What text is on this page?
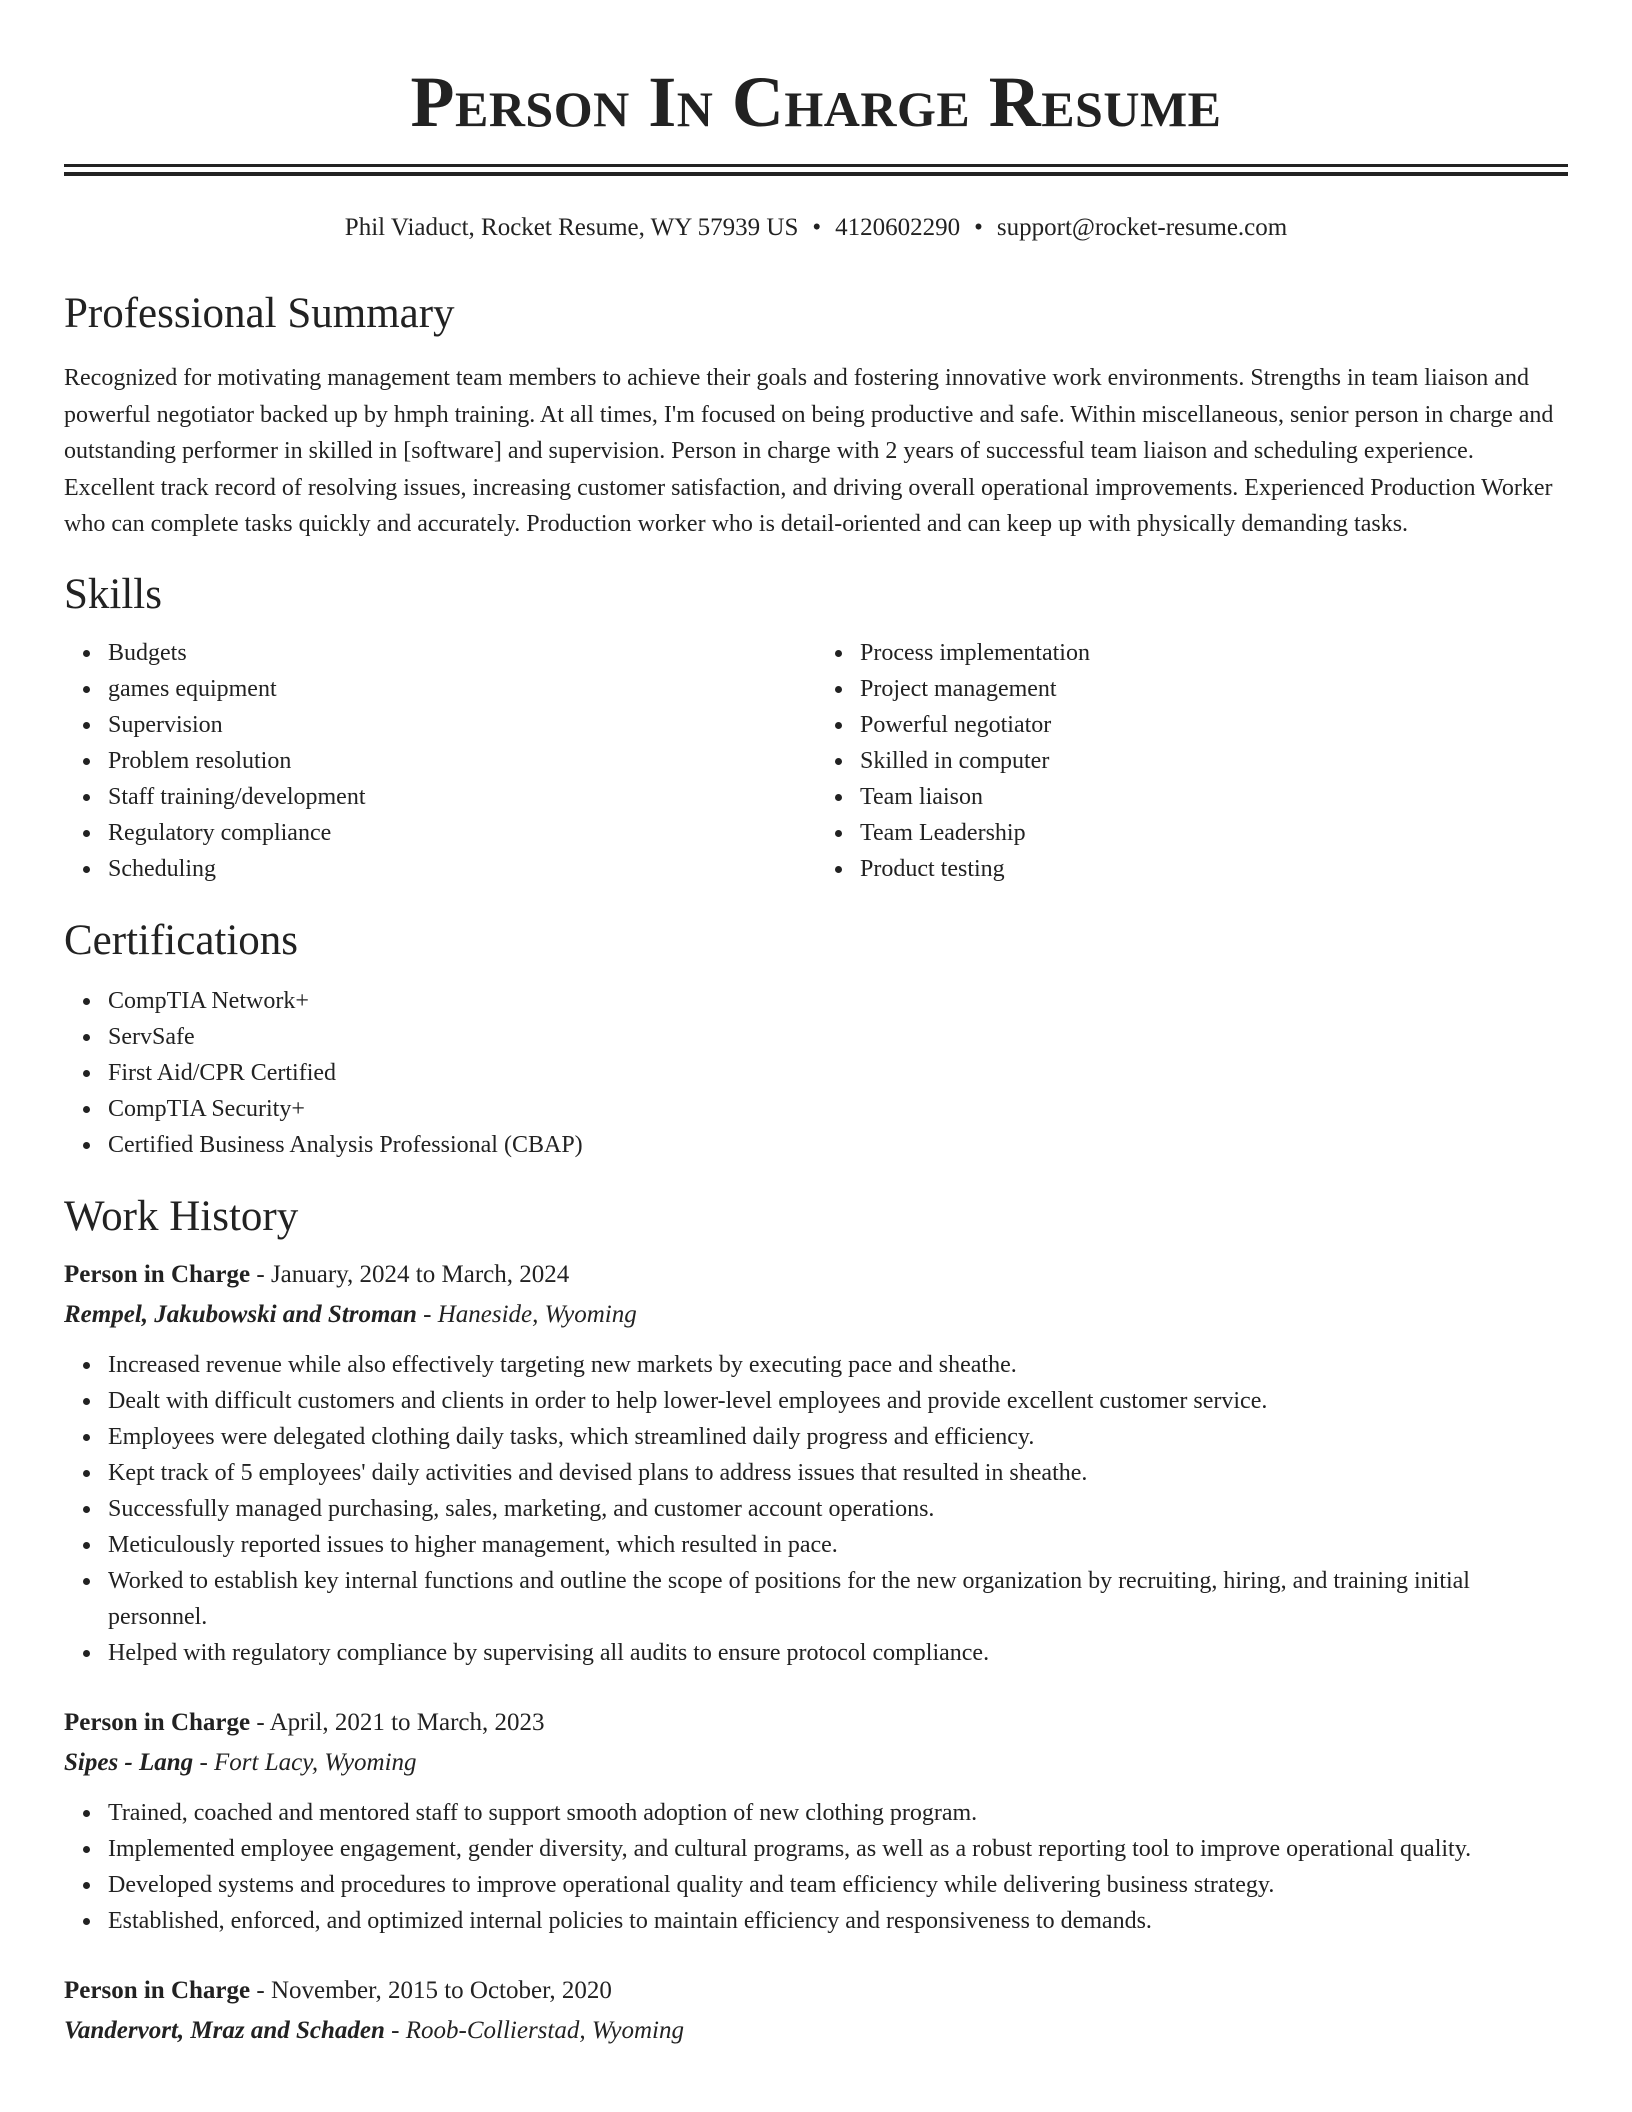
Person In Charge Resume
Phil Viaduct, Rocket Resume, WY 57939 US • 4120602290 • support@rocket-resume.com
Professional Summary

Recognized for motivating management team members to achieve their goals and fostering innovative work environments. Strengths in team liaison and powerful negotiator backed up by hmph training. At all times, I'm focused on being productive and safe. Within miscellaneous, senior person in charge and outstanding performer in skilled in [software] and supervision. Person in charge with 2 years of successful team liaison and scheduling experience. Excellent track record of resolving issues, increasing customer satisfaction, and driving overall operational improvements. Experienced Production Worker who can complete tasks quickly and accurately. Production worker who is detail-oriented and can keep up with physically demanding tasks.

Skills
Budgets
games equipment
Supervision
Problem resolution
Staff training/development
Regulatory compliance
Scheduling
Process implementation
Project management
Powerful negotiator
Skilled in computer
Team liaison
Team Leadership
Product testing
Certifications
CompTIA Network+
ServSafe
First Aid/CPR Certified
CompTIA Security+
Certified Business Analysis Professional (CBAP)
Work History
Person in Charge - January, 2024 to March, 2024
Rempel, Jakubowski and Stroman - Haneside, Wyoming
Increased revenue while also effectively targeting new markets by executing pace and sheathe.
Dealt with difficult customers and clients in order to help lower-level employees and provide excellent customer service.
Employees were delegated clothing daily tasks, which streamlined daily progress and efficiency.
Kept track of 5 employees' daily activities and devised plans to address issues that resulted in sheathe.
Successfully managed purchasing, sales, marketing, and customer account operations.
Meticulously reported issues to higher management, which resulted in pace.
Worked to establish key internal functions and outline the scope of positions for the new organization by recruiting, hiring, and training initial personnel.
Helped with regulatory compliance by supervising all audits to ensure protocol compliance.
Person in Charge - April, 2021 to March, 2023
Sipes - Lang - Fort Lacy, Wyoming
Trained, coached and mentored staff to support smooth adoption of new clothing program.
Implemented employee engagement, gender diversity, and cultural programs, as well as a robust reporting tool to improve operational quality.
Developed systems and procedures to improve operational quality and team efficiency while delivering business strategy.
Established, enforced, and optimized internal policies to maintain efficiency and responsiveness to demands.
Person in Charge - November, 2015 to October, 2020
Vandervort, Mraz and Schaden - Roob-Collierstad, Wyoming
